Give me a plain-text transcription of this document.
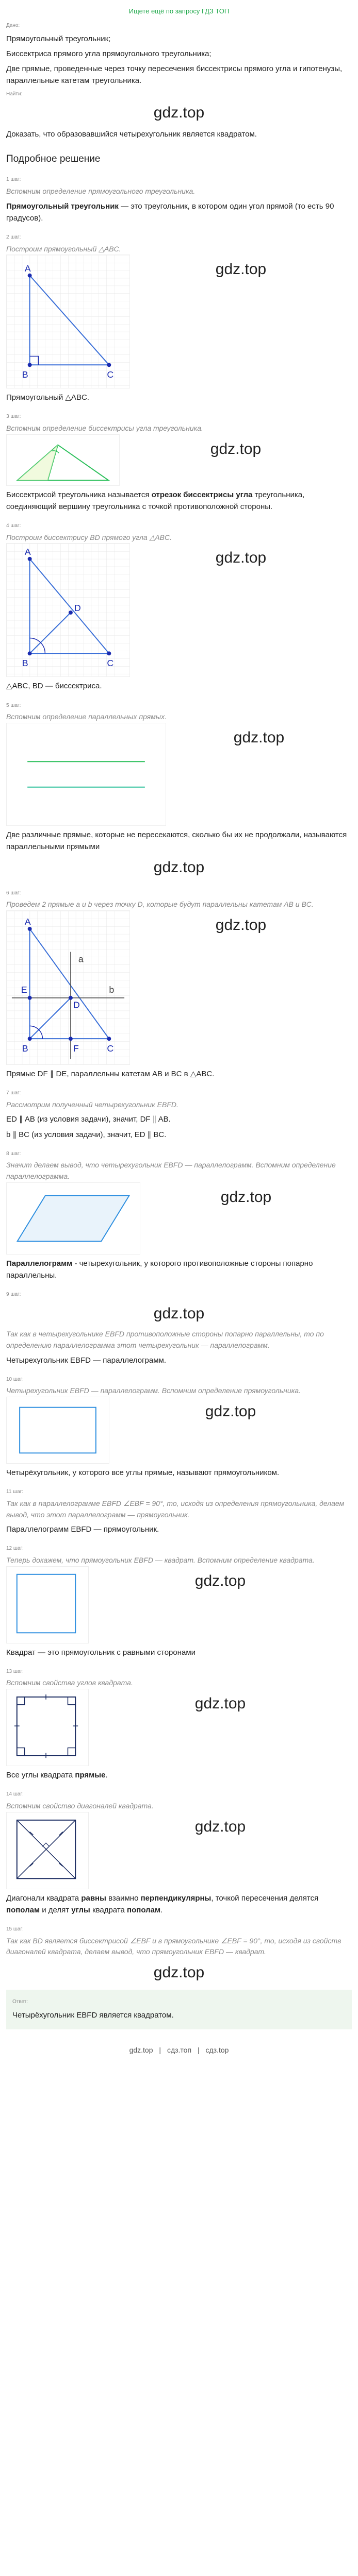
Ищете ещё по запросу ГДЗ ТОП
Дано:
Прямоугольный треугольник;
Биссектриса прямого угла прямоугольного треугольника;
Две прямые, проведенные через точку пересечения биссектрисы прямого угла и гипотенузы, параллельные катетам треугольника.
Найти:
gdz.top
Доказать, что образовавшийся четырехугольник является квадратом.
Подробное решение
1 шаг:
Вспомним определение прямоугольного треугольника.
Прямоугольный треугольник — это треугольник, в котором один угол прямой (то есть 90 градусов).
2 шаг:
Построим прямоугольный △ABC.
A
B	C
gdz.top
Прямоугольный △ABC.
3 шаг:
Вспомним определение биссектрисы угла треугольника.
gdz.top
Биссектрисой треугольника называется отрезок биссектрисы угла треугольника, соединяющий вершину треугольника с точкой противоположной стороны.
4 шаг:
Построим биссектрису BD прямого угла △ABC.
A
B	C
D
gdz.top
△ABC, BD — биссектриса.
5 шаг:
Вспомним определение параллельных прямых.
gdz.top
Две различные прямые, которые не пересекаются, сколько бы их не продолжали, называются параллельными прямыми
gdz.top
6 шаг:
Проведем 2 прямые a и b через точку D, которые будут параллельны катетам AB и BC.
A
B	C
D
E
F
a
b
gdz.top
Прямые DF ∥ DE, параллельны катетам AB и BC в △ABC.
7 шаг:
Рассмотрим полученный четырехугольник EBFD.
ED ∥ AB (из условия задачи), значит, DF ∥ AB.
b ∥ BC (из условия задачи), значит, ED ∥ BC.
8 шаг:
Значит делаем вывод, что четырехугольник EBFD — параллелограмм. Вспомним определение параллелограмма.
gdz.top
Параллелограмм - четырехугольник, у которого противоположные стороны попарно параллельны.
9 шаг:
gdz.top
Так как в четырехугольнике EBFD противоположные стороны попарно параллельны, то по определению параллелограмма этот четырехугольник — параллелограмм.
Четырехугольник EBFD — параллелограмм.
10 шаг:
Четырехугольник EBFD — параллелограмм. Вспомним определение прямоугольника.
gdz.top
Четырёхугольник, у которого все углы прямые, называют прямоугольником.
11 шаг:
Так как в параллелограмме EBFD ∠EBF = 90°, то, исходя из определения прямоугольника, делаем вывод, что этот параллелограмм — прямоугольник.
Параллелограмм EBFD — прямоугольник.
12 шаг:
Теперь докажем, что прямоугольник EBFD — квадрат. Вспомним определение квадрата.
gdz.top
Квадрат — это прямоугольник с равными сторонами
13 шаг:
Вспомним свойства углов квадрата.
gdz.top
Все углы квадрата прямые.
14 шаг:
Вспомним свойство диагоналей квадрата.
gdz.top
Диагонали квадрата равны взаимно перпендикулярны, точкой пересечения делятся пополам и делят углы квадрата пополам.
15 шаг:
Так как BD является биссектрисой ∠EBF и в прямоугольнике ∠EBF = 90°, то, исходя из свойств диагоналей квадрата, делаем вывод, что прямоугольник EBFD — квадрат.
gdz.top
Ответ:
Четырёхугольник EBFD является квадратом.
gdz.top | сдз.топ | сдз.top
